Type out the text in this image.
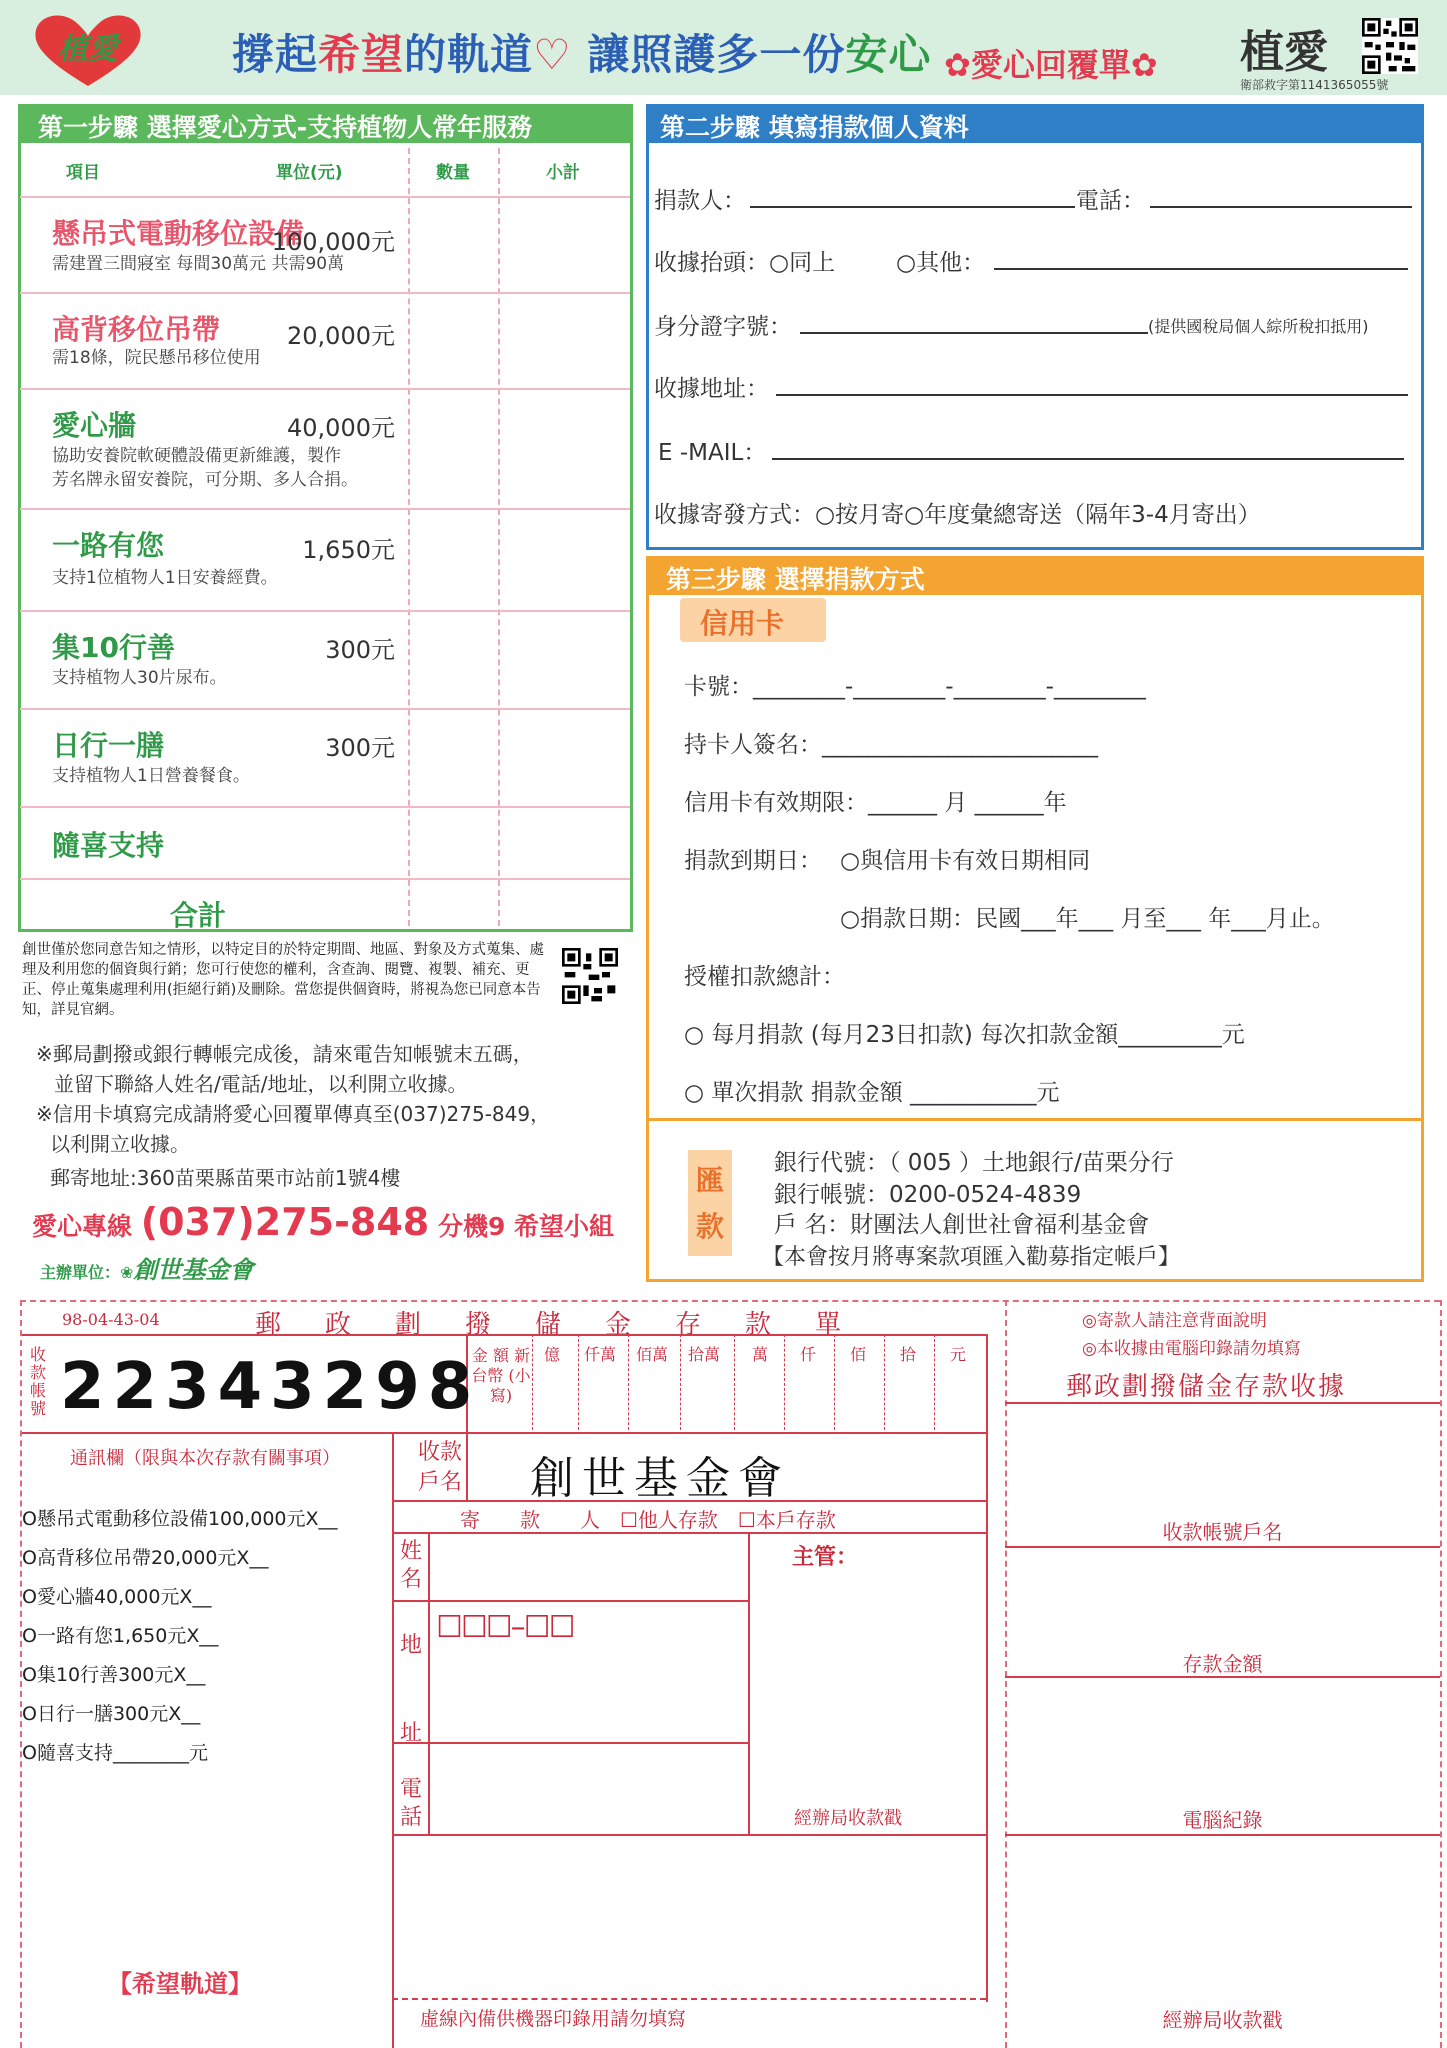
植愛	撐起希望的軌道♡ 讓照護多一份安心 ✿愛心回覆單✿ 植愛
衛部救字第1141365055號
第一步驟 選擇愛心方式-支持植物人常年服務
項目	單位(元)	數量	小計
懸吊式電動移位設備
100,000元
需建置三間寢室 每間30萬元 共需90萬
高背移位吊帶	20,000元
需18條，院民懸吊移位使用
愛心牆	40,000元
協助安養院軟硬體設備更新維護，製作
芳名牌永留安養院，可分期、多人合捐。
一路有您	1,650元
支持1位植物人1日安養經費。
集10行善	300元
支持植物人30片尿布。
日行一膳	300元
支持植物人1日營養餐食。
隨喜支持
合計
創世僅於您同意告知之情形，以特定目的於特定期間、地區、對象及方式蒐集、處理及利用您的個資與行銷；您可行使您的權利，含查詢、閱覽、複製、補充、更正、停止蒐集處理利用(拒絕行銷)及刪除。當您提供個資時，將視為您已同意本告知，詳見官網。
※郵局劃撥或銀行轉帳完成後，請來電告知帳號末五碼，
並留下聯絡人姓名/電話/地址，以利開立收據。
※信用卡填寫完成請將愛心回覆單傳真至(037)275-849，
以利開立收據。
郵寄地址:360苗栗縣苗栗市站前1號4樓
愛心專線 (037)275-848 分機9 希望小組
主辦單位：❀創世基金會
第二步驟 填寫捐款個人資料
捐款人：	電話：
收據抬頭：○同上	○其他：
身分證字號：	(提供國稅局個人綜所稅扣抵用)
收據地址：
E -MAIL：
收據寄發方式：○按月寄○年度彙總寄送（隔年3-4月寄出）
第三步驟 選擇捐款方式
信用卡
卡號：________-________-________-________
持卡人簽名：________________________
信用卡有效期限：______ 月 ______年
捐款到期日： ○與信用卡有效日期相同
○捐款日期：民國___年___ 月至___ 年___月止。
授權扣款總計：
○ 每月捐款 (每月23日扣款) 每次扣款金額_________元
○ 單次捐款 捐款金額 ___________元
匯款
銀行代號：（ 005 ）土地銀行/苗栗分行
銀行帳號：0200-0524-4839
戶 名：財團法人創世社會福利基金會
【本會按月將專案款項匯入勸募指定帳戶】
98-04-43-04	郵政劃撥儲金存款單
收款帳號 22343298
金 額 新台幣 (小寫)
億 仟萬 佰萬 拾萬 萬 仟 佰 拾 元
通訊欄（限與本次存款有關事項）
O懸吊式電動移位設備100,000元X__
O高背移位吊帶20,000元X__
O愛心牆40,000元X__
O一路有您1,650元X__
O集10行善300元X__
O日行一膳300元X__
O隨喜支持________元
收款戶名 創世基金會
寄　　款　　人　☐他人存款　☐本戶存款
姓名
地
址
電話
☐☐☐–☐☐
主管：
經辦局收款戳
【希望軌道】
虛線內備供機器印錄用請勿填寫
◎寄款人請注意背面說明
◎本收據由電腦印錄請勿填寫
郵政劃撥儲金存款收據
收款帳號戶名
存款金額
電腦紀錄
經辦局收款戳
